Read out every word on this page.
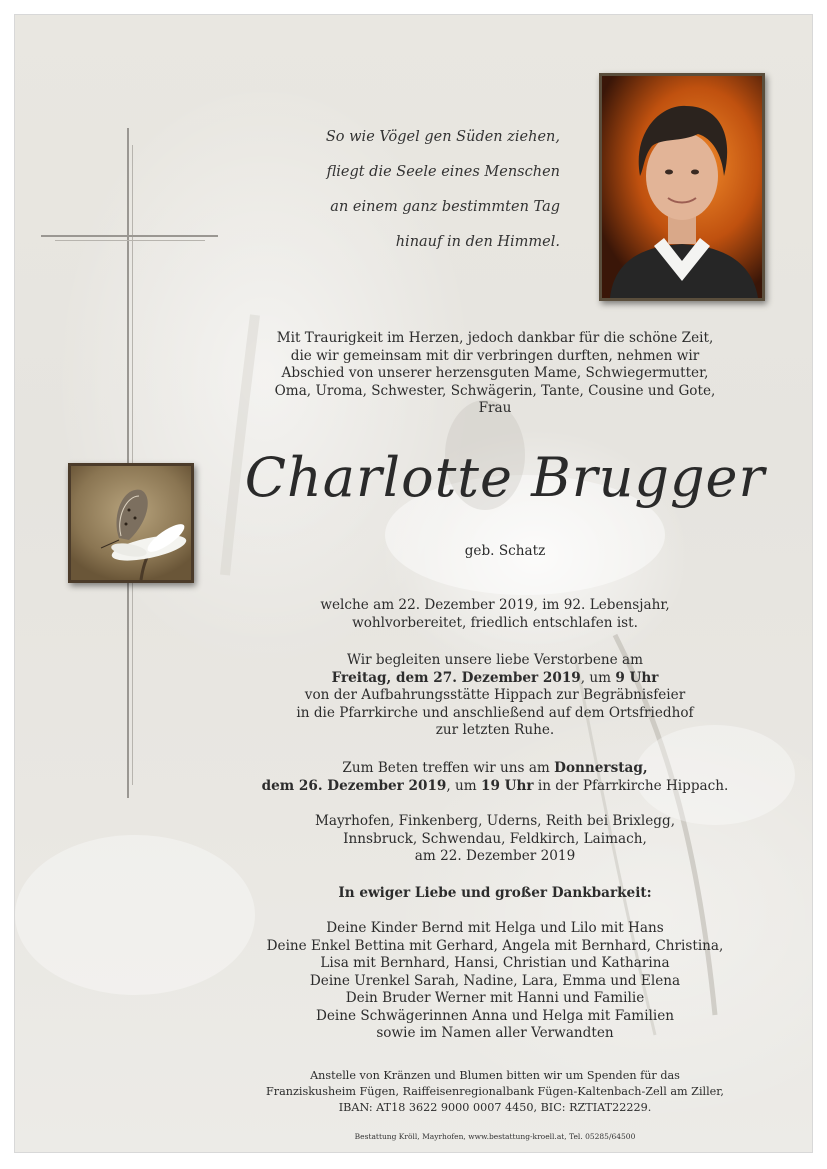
So wie Vögel gen Süden ziehen,
fliegt die Seele eines Menschen
an einem ganz bestimmten Tag
hinauf in den Himmel.
Mit Traurigkeit im Herzen, jedoch dankbar für die schöne Zeit,
die wir gemeinsam mit dir verbringen durften, nehmen wir
Abschied von unserer herzensguten Mame, Schwiegermutter,
Oma, Uroma, Schwester, Schwägerin, Tante, Cousine und Gote,
Frau
Charlotte Brugger
geb. Schatz
welche am 22. Dezember 2019, im 92. Lebensjahr,
wohlvorbereitet, friedlich entschlafen ist.
Wir begleiten unsere liebe Verstorbene am
Freitag, dem 27. Dezember 2019, um 9 Uhr
von der Aufbahrungsstätte Hippach zur Begräbnisfeier
in die Pfarrkirche und anschließend auf dem Ortsfriedhof
zur letzten Ruhe.
Zum Beten treffen wir uns am Donnerstag,
dem 26. Dezember 2019, um 19 Uhr in der Pfarrkirche Hippach.
Mayrhofen, Finkenberg, Uderns, Reith bei Brixlegg,
Innsbruck, Schwendau, Feldkirch, Laimach,
am 22. Dezember 2019
In ewiger Liebe und großer Dankbarkeit:
Deine Kinder Bernd mit Helga und Lilo mit Hans
Deine Enkel Bettina mit Gerhard, Angela mit Bernhard, Christina,
Lisa mit Bernhard, Hansi, Christian und Katharina
Deine Urenkel Sarah, Nadine, Lara, Emma und Elena
Dein Bruder Werner mit Hanni und Familie
Deine Schwägerinnen Anna und Helga mit Familien
sowie im Namen aller Verwandten
Anstelle von Kränzen und Blumen bitten wir um Spenden für das
Franziskusheim Fügen, Raiffeisenregionalbank Fügen-Kaltenbach-Zell am Ziller,
IBAN: AT18 3622 9000 0007 4450, BIC: RZTIAT22229.
Bestattung Kröll, Mayrhofen, www.bestattung-kroell.at, Tel. 05285/64500
